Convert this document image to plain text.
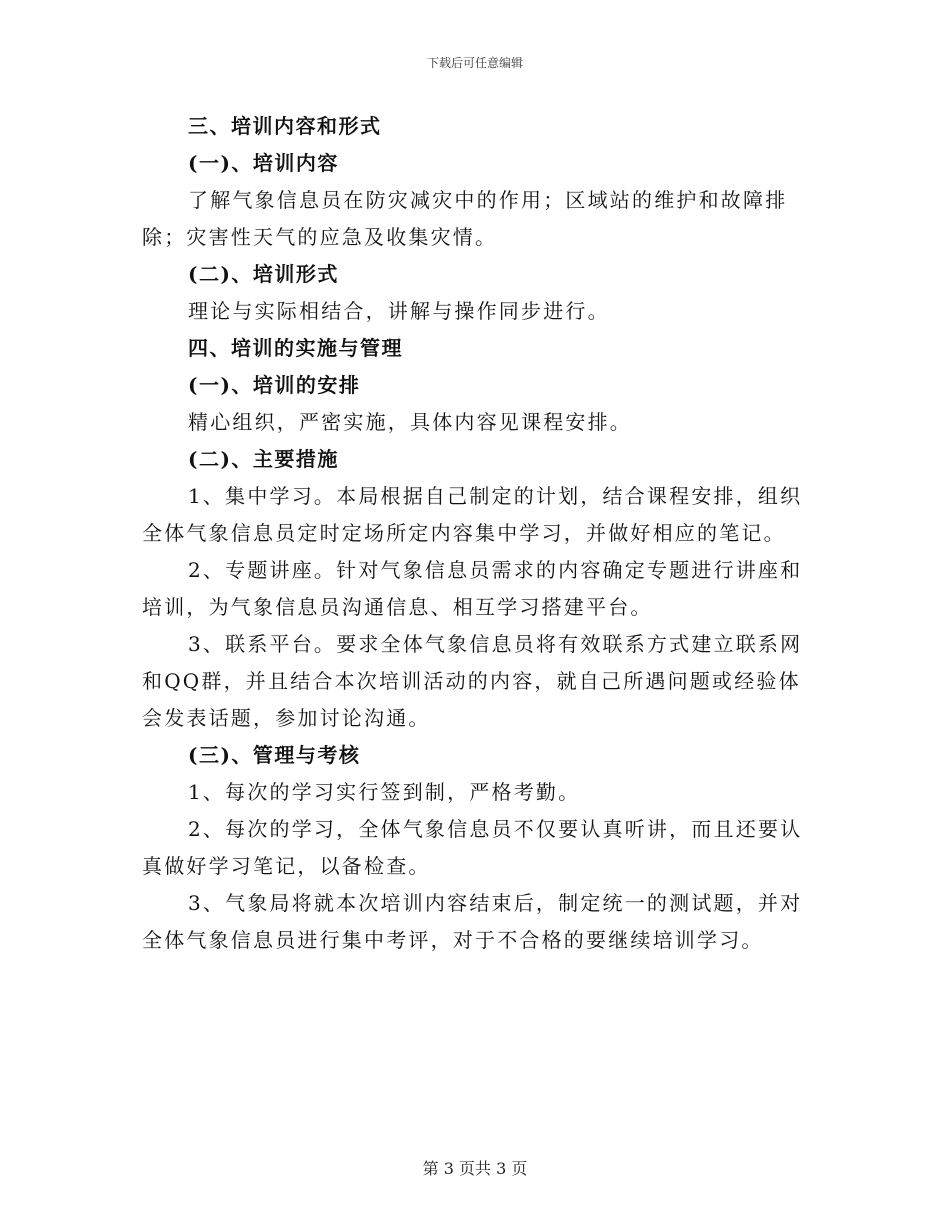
下载后可任意编辑
三、培训内容和形式
(一)、培训内容
了解气象信息员在防灾减灾中的作用；区域站的维护和故障排除；灾害性天气的应急及收集灾情。
(二)、培训形式
理论与实际相结合，讲解与操作同步进行。
四、培训的实施与管理
(一)、培训的安排
精心组织，严密实施，具体内容见课程安排。
(二)、主要措施
1、集中学习。本局根据自己制定的计划，结合课程安排，组织全体气象信息员定时定场所定内容集中学习，并做好相应的笔记。
2、专题讲座。针对气象信息员需求的内容确定专题进行讲座和培训，为气象信息员沟通信息、相互学习搭建平台。
3、联系平台。要求全体气象信息员将有效联系方式建立联系网和QQ群，并且结合本次培训活动的内容，就自己所遇问题或经验体会发表话题，参加讨论沟通。
(三)、管理与考核
1、每次的学习实行签到制，严格考勤。
2、每次的学习，全体气象信息员不仅要认真听讲，而且还要认真做好学习笔记，以备检查。
3、气象局将就本次培训内容结束后，制定统一的测试题，并对全体气象信息员进行集中考评，对于不合格的要继续培训学习。
第 3 页共 3 页
